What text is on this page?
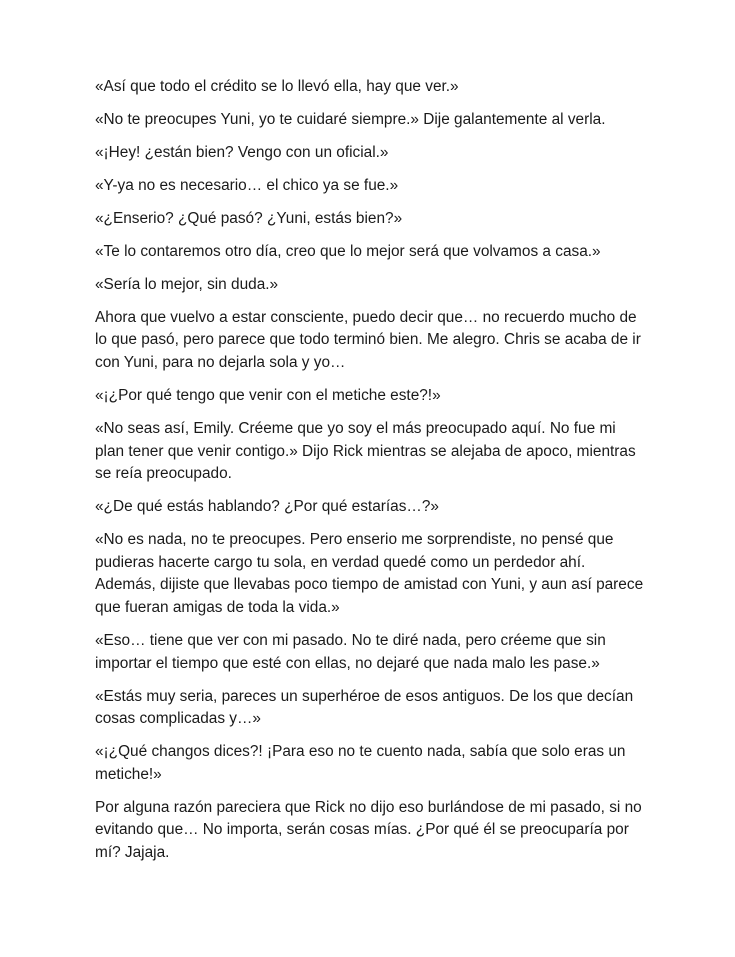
«Así que todo el crédito se lo llevó ella, hay que ver.»

«No te preocupes Yuni, yo te cuidaré siempre.» Dije galantemente al verla.

«¡Hey! ¿están bien? Vengo con un oficial.»

«Y-ya no es necesario… el chico ya se fue.»

«¿Enserio? ¿Qué pasó? ¿Yuni, estás bien?»

«Te lo contaremos otro día, creo que lo mejor será que volvamos a casa.»

«Sería lo mejor, sin duda.»

Ahora que vuelvo a estar consciente, puedo decir que… no recuerdo mucho de lo que pasó, pero parece que todo terminó bien. Me alegro. Chris se acaba de ir con Yuni, para no dejarla sola y yo…

«¡¿Por qué tengo que venir con el metiche este?!»

«No seas así, Emily. Créeme que yo soy el más preocupado aquí. No fue mi plan tener que venir contigo.» Dijo Rick mientras se alejaba de apoco, mientras se reía preocupado.

«¿De qué estás hablando? ¿Por qué estarías…?»

«No es nada, no te preocupes. Pero enserio me sorprendiste, no pensé que pudieras hacerte cargo tu sola, en verdad quedé como un perdedor ahí. Además, dijiste que llevabas poco tiempo de amistad con Yuni, y aun así parece que fueran amigas de toda la vida.»

«Eso… tiene que ver con mi pasado. No te diré nada, pero créeme que sin importar el tiempo que esté con ellas, no dejaré que nada malo les pase.»

«Estás muy seria, pareces un superhéroe de esos antiguos. De los que decían cosas complicadas y…»

«¡¿Qué changos dices?! ¡Para eso no te cuento nada, sabía que solo eras un metiche!»

Por alguna razón pareciera que Rick no dijo eso burlándose de mi pasado, si no evitando que… No importa, serán cosas mías. ¿Por qué él se preocuparía por mí? Jajaja.
